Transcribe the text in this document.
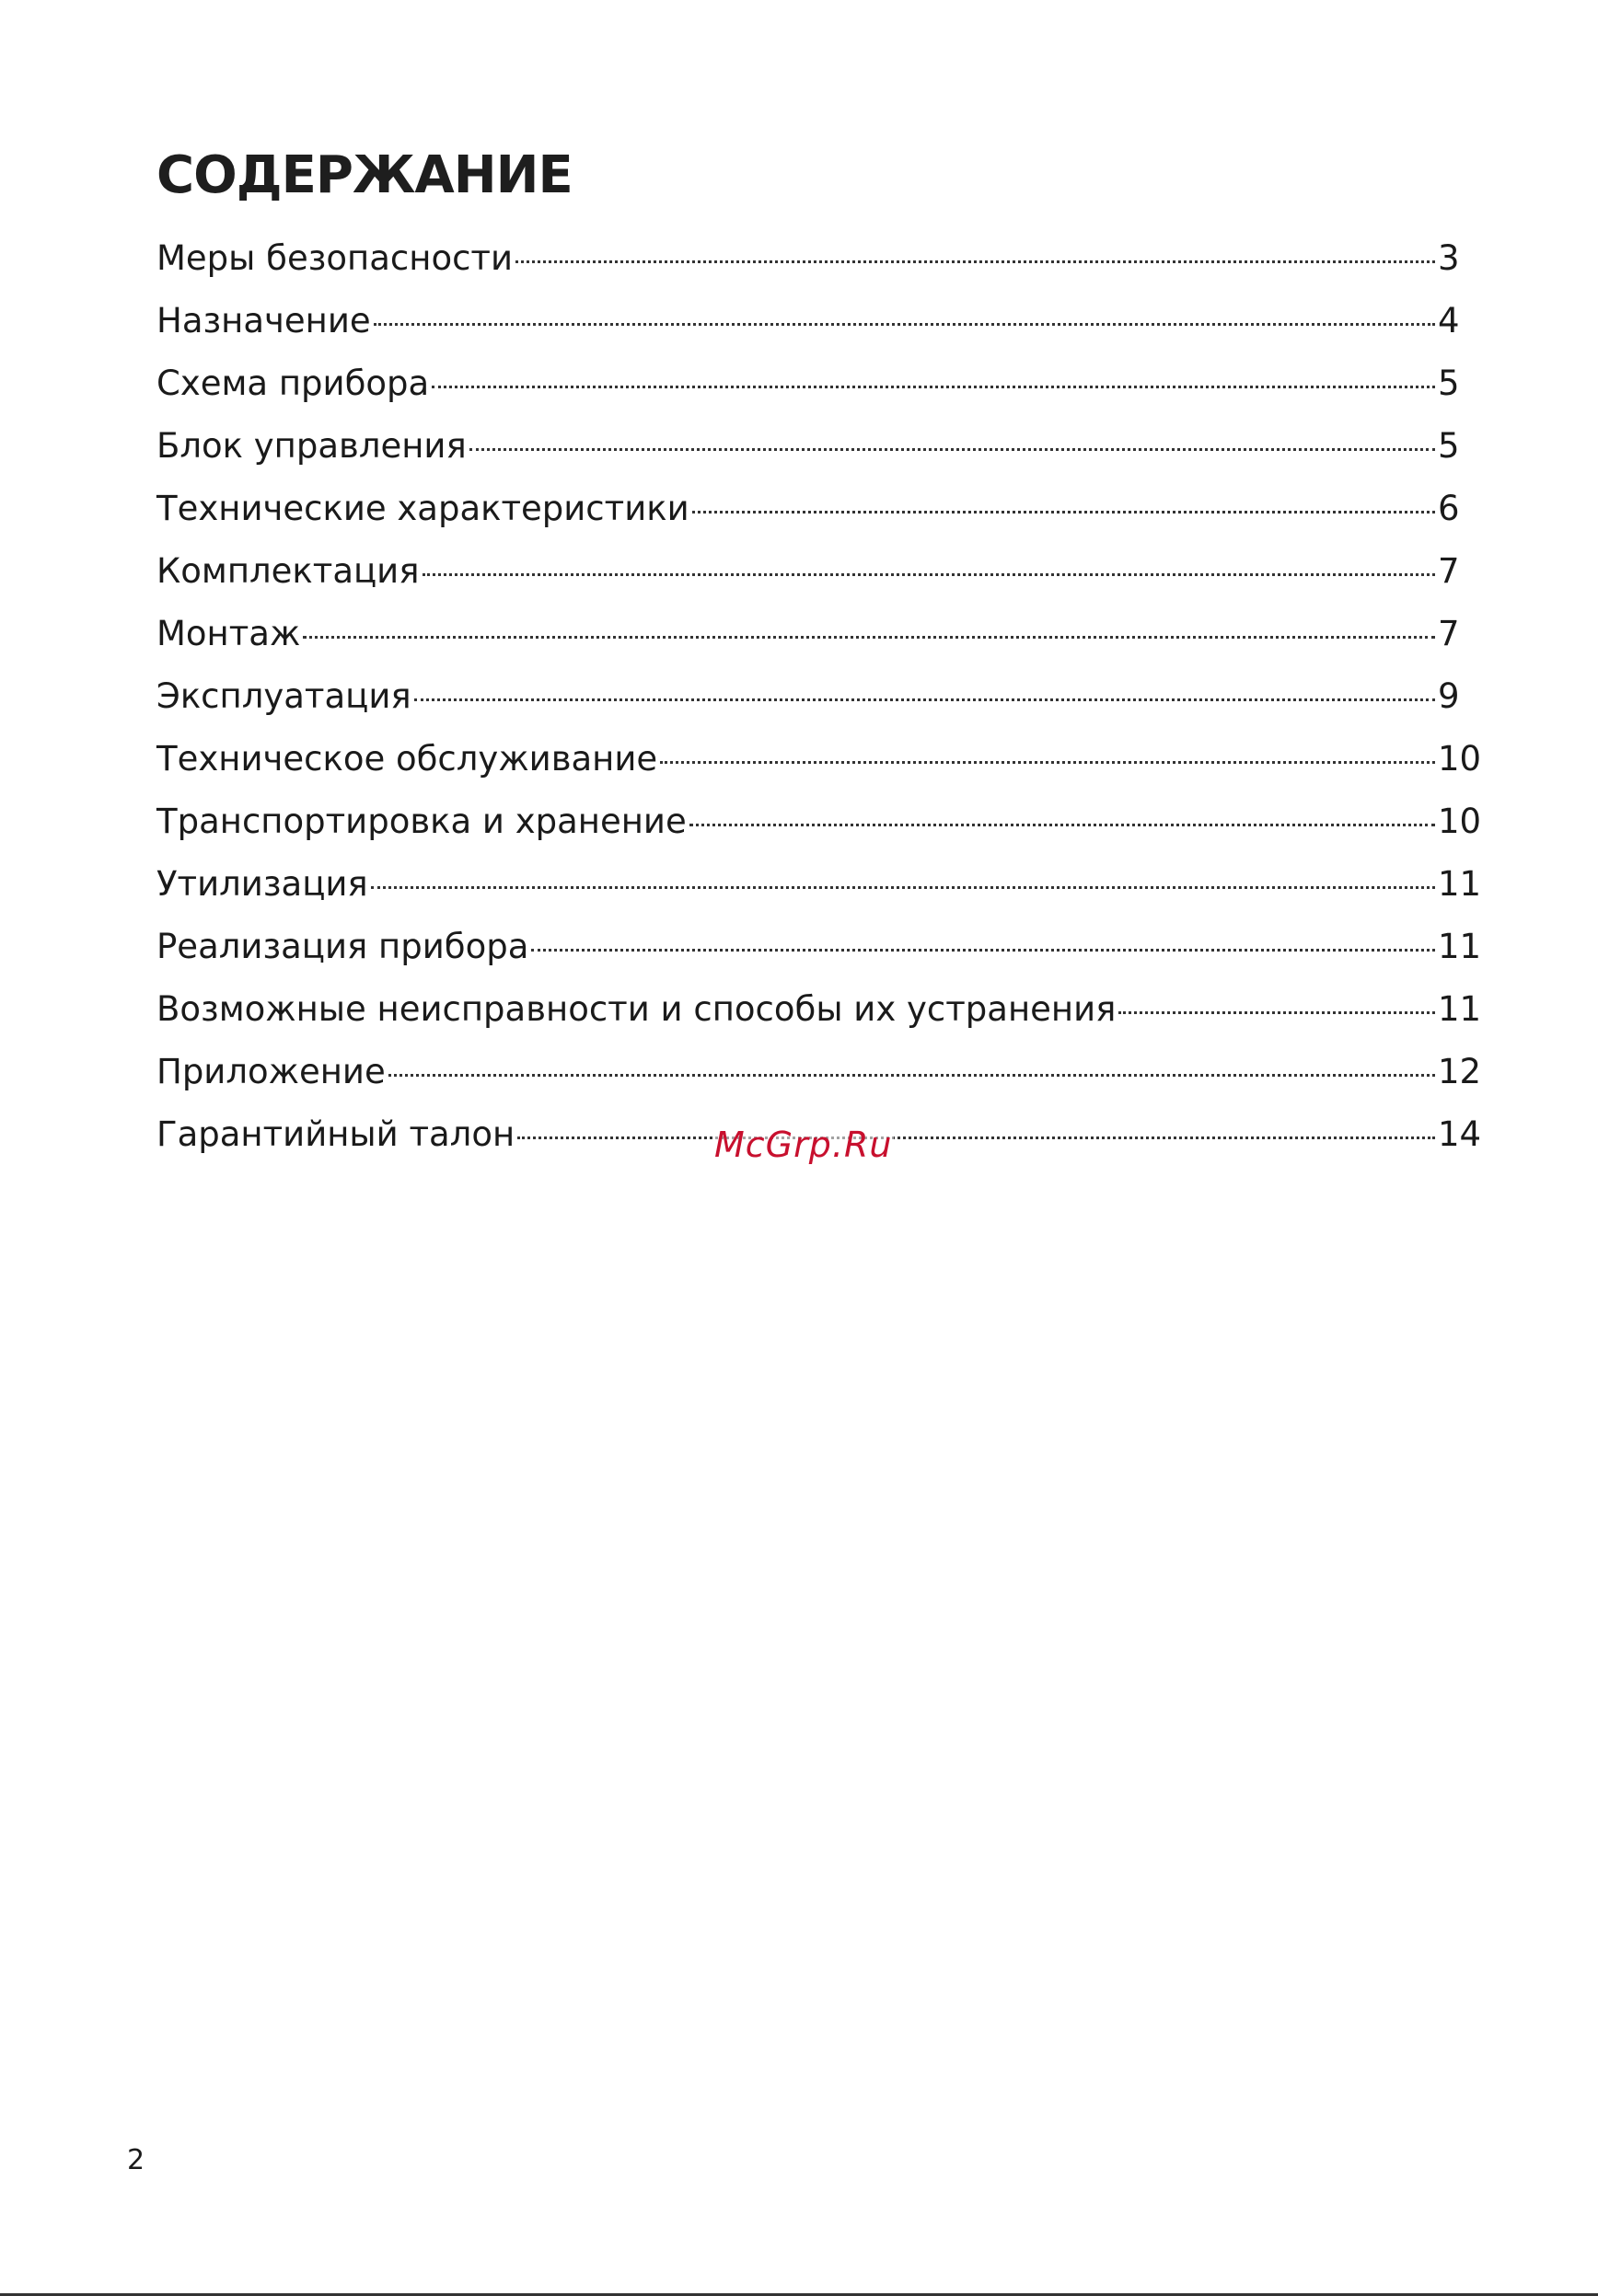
СОДЕРЖАНИЕ
Меры безопасности	3
Назначение	4
Схема прибора	5
Блок управления	5
Технические характеристики	6
Комплектация	7
Монтаж	7
Эксплуатация	9
Техническое обслуживание	10
Транспортировка и хранение	10
Утилизация	11
Реализация прибора	11
Возможные неисправности и способы их устранения	11
Приложение	12
Гарантийный талон	14
McGrp.Ru
2
